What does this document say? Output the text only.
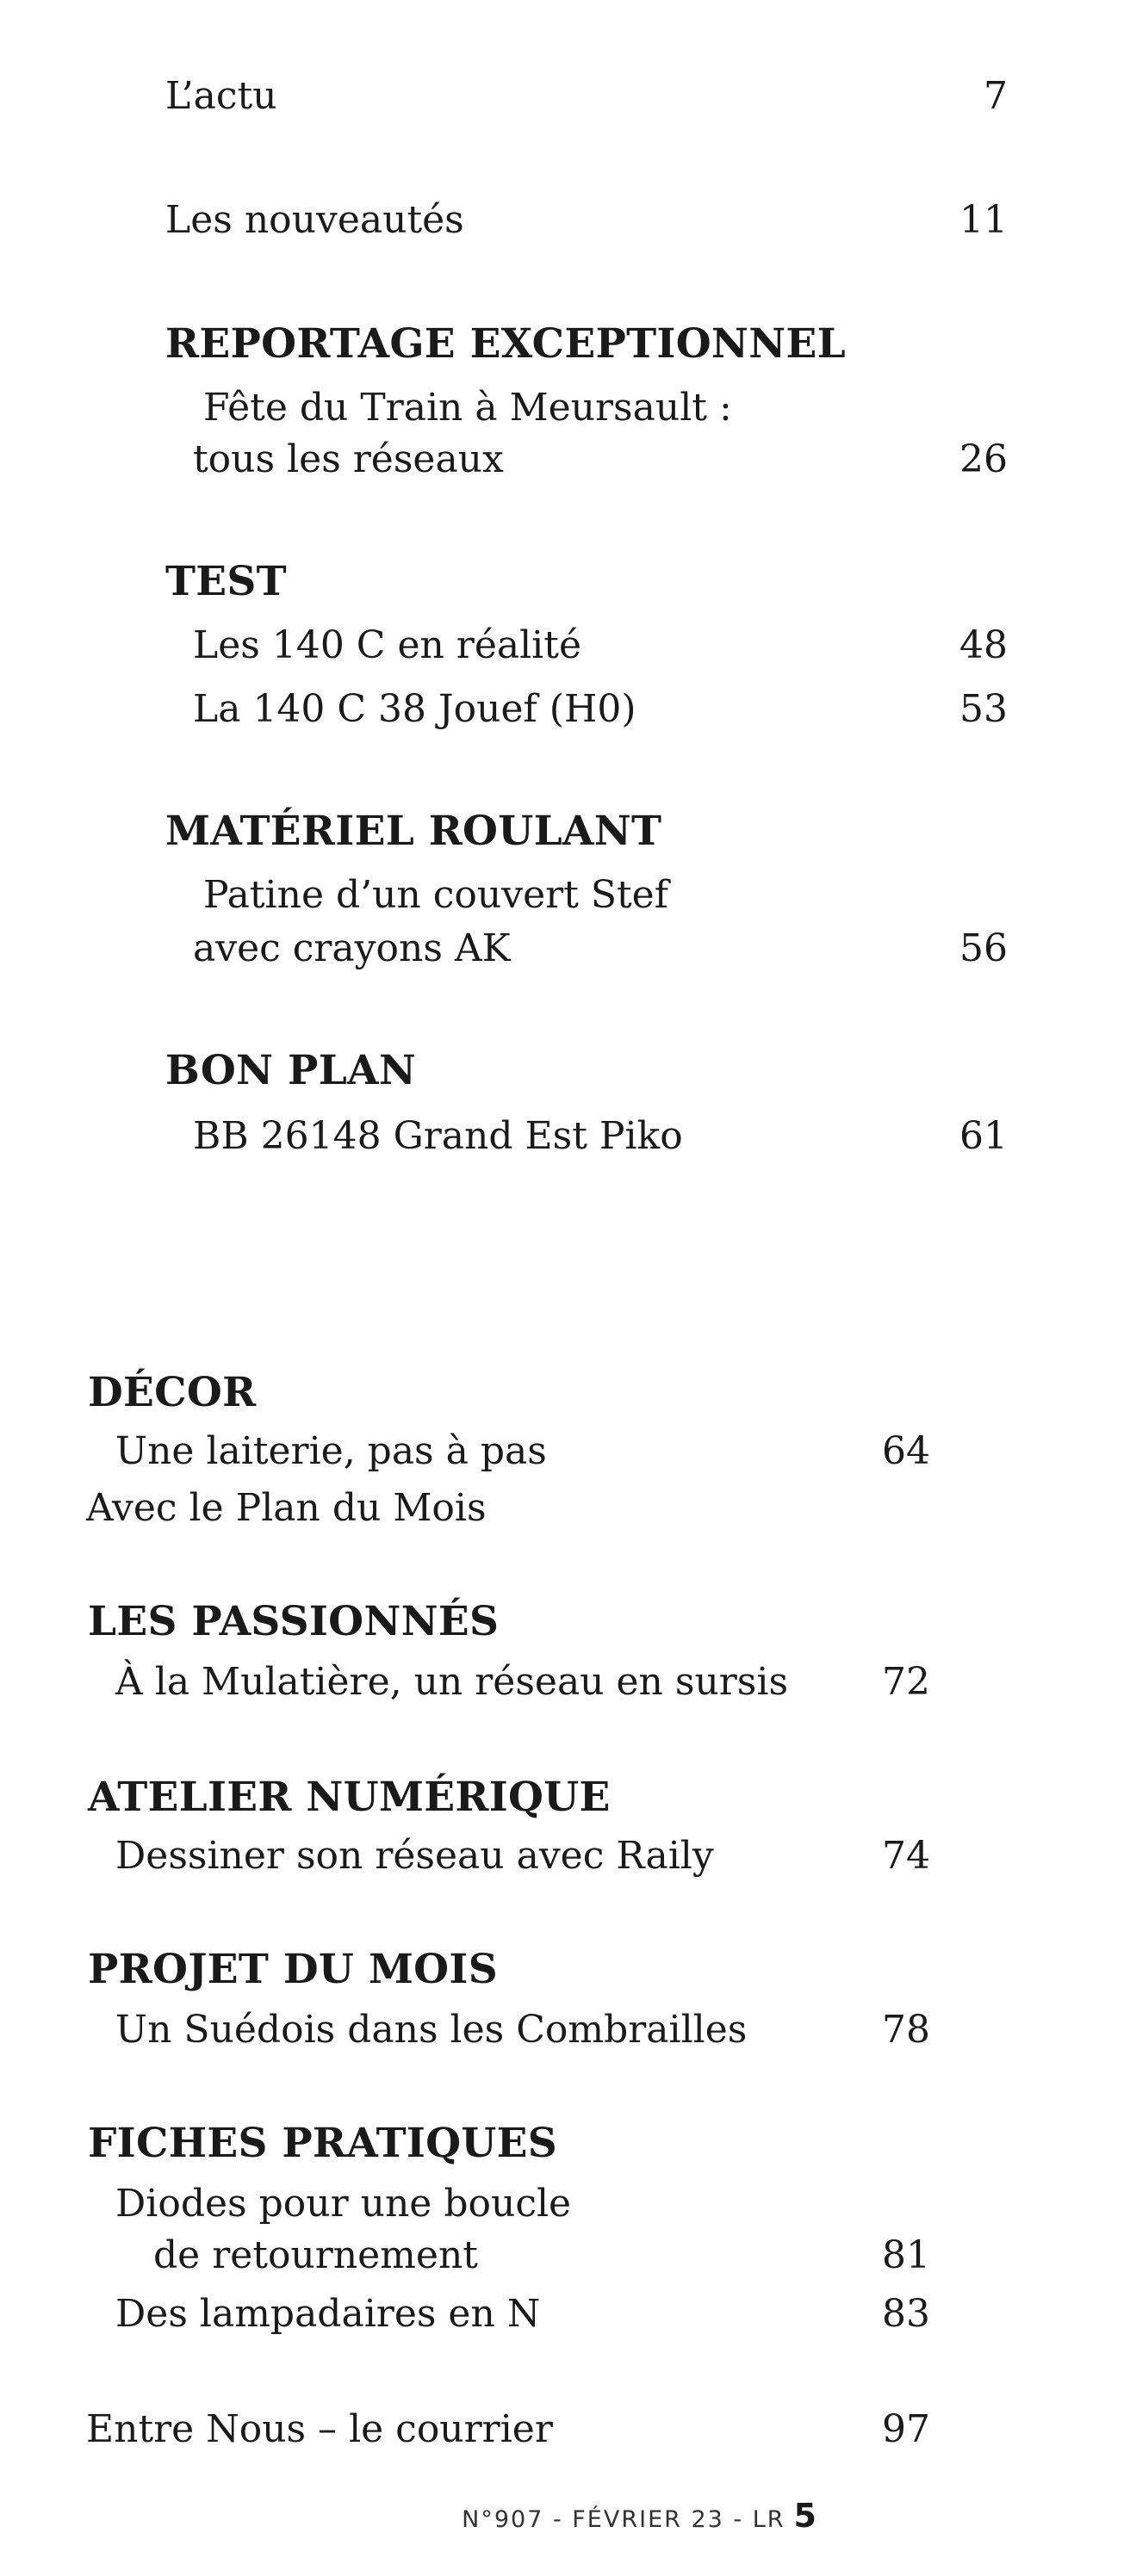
L’actu	7
Les nouveautés	11
REPORTAGE EXCEPTIONNEL
Fête du Train à Meursault :
tous les réseaux	26
TEST
Les 140 C en réalité	48
La 140 C 38 Jouef (H0)	53
MATÉRIEL ROULANT
Patine d’un couvert Stef
avec crayons AK	56
BON PLAN
BB 26148 Grand Est Piko	61
DÉCOR
Une laiterie, pas à pas	64
Avec le Plan du Mois
LES PASSIONNÉS
À la Mulatière, un réseau en sursis	72
ATELIER NUMÉRIQUE
Dessiner son réseau avec Raily	74
PROJET DU MOIS
Un Suédois dans les Combrailles	78
FICHES PRATIQUES
Diodes pour une boucle
de retournement	81
Des lampadaires en N	83
Entre Nous – le courrier	97
N°907 - FÉVRIER 23 - LR 5
